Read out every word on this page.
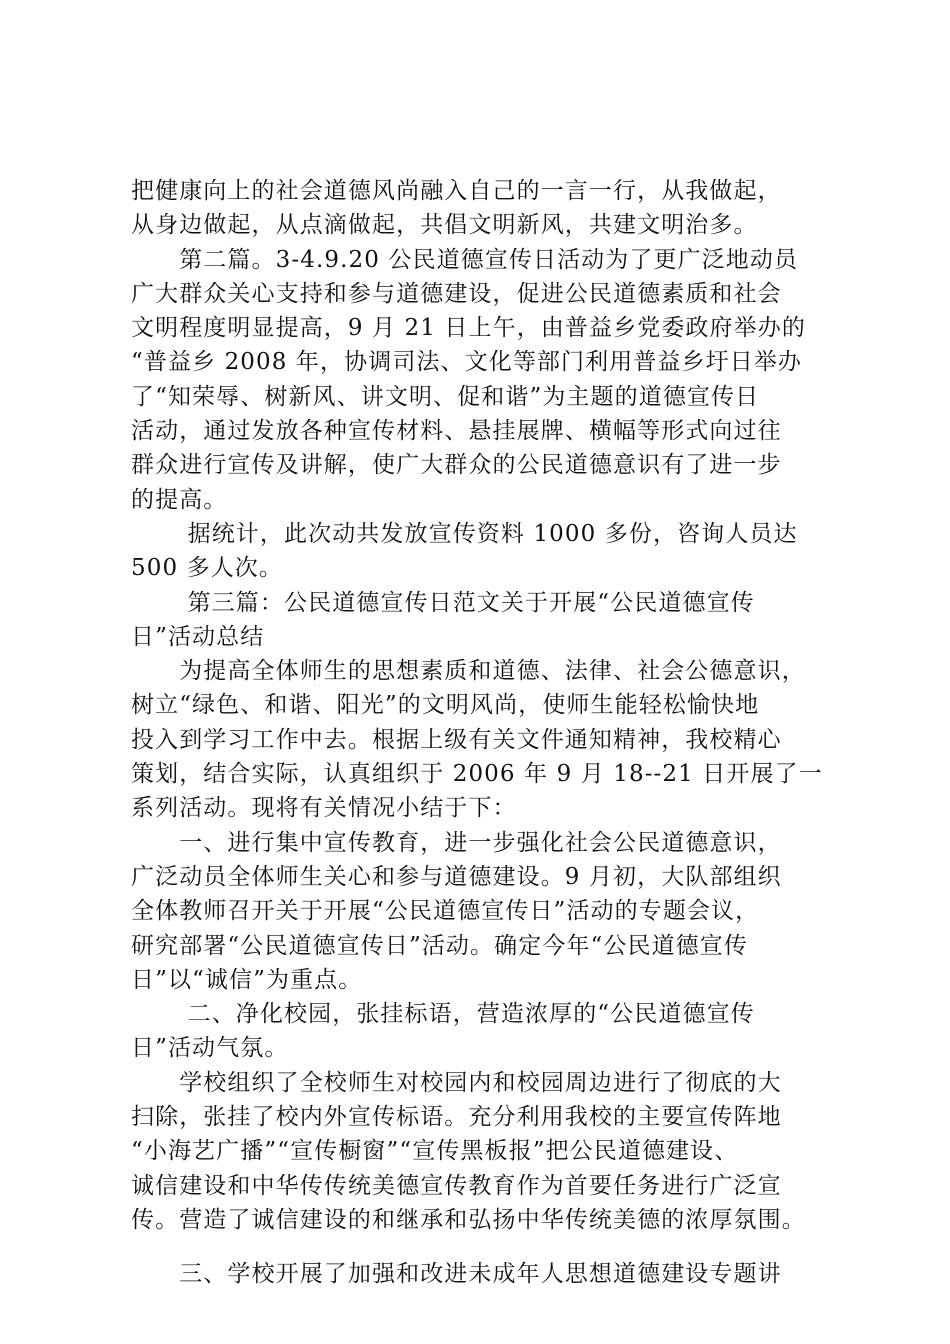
把健康向上的社会道德风尚融入自己的一言一行，从我做起，
从身边做起，从点滴做起，共倡文明新风，共建文明治多。
　　第二篇。3-4.9.20 公民道德宣传日活动为了更广泛地动员
广大群众关心支持和参与道德建设，促进公民道德素质和社会
文明程度明显提高，9 月 21 日上午，由普益乡党委政府举办的
“普益乡 2008 年，协调司法、文化等部门利用普益乡圩日举办
了“知荣辱、树新风、讲文明、促和谐”为主题的道德宣传日
活动，通过发放各种宣传材料、悬挂展牌、横幅等形式向过往
群众进行宣传及讲解，使广大群众的公民道德意识有了进一步
的提高。
　　 据统计，此次动共发放宣传资料 1000 多份，咨询人员达
500 多人次。
　　 第三篇：公民道德宣传日范文关于开展“公民道德宣传
日”活动总结
　　为提高全体师生的思想素质和道德、法律、社会公德意识，
树立“绿色、和谐、阳光”的文明风尚，使师生能轻松愉快地
投入到学习工作中去。根据上级有关文件通知精神，我校精心
策划，结合实际，认真组织于 2006 年 9 月 18--21 日开展了一
系列活动。现将有关情况小结于下：
　　一、进行集中宣传教育，进一步强化社会公民道德意识，
广泛动员全体师生关心和参与道德建设。9 月初，大队部组织
全体教师召开关于开展“公民道德宣传日”活动的专题会议，
研究部署“公民道德宣传日”活动。确定今年“公民道德宣传
日”以“诚信”为重点。
　　 二、净化校园，张挂标语，营造浓厚的“公民道德宣传
日”活动气氛。
　　学校组织了全校师生对校园内和校园周边进行了彻底的大
扫除，张挂了校内外宣传标语。充分利用我校的主要宣传阵地
“小海艺广播”“宣传橱窗”“宣传黑板报”把公民道德建设、
诚信建设和中华传传统美德宣传教育作为首要任务进行广泛宣
传。营造了诚信建设的和继承和弘扬中华传统美德的浓厚氛围。
　　三、学校开展了加强和改进未成年人思想道德建设专题讲
